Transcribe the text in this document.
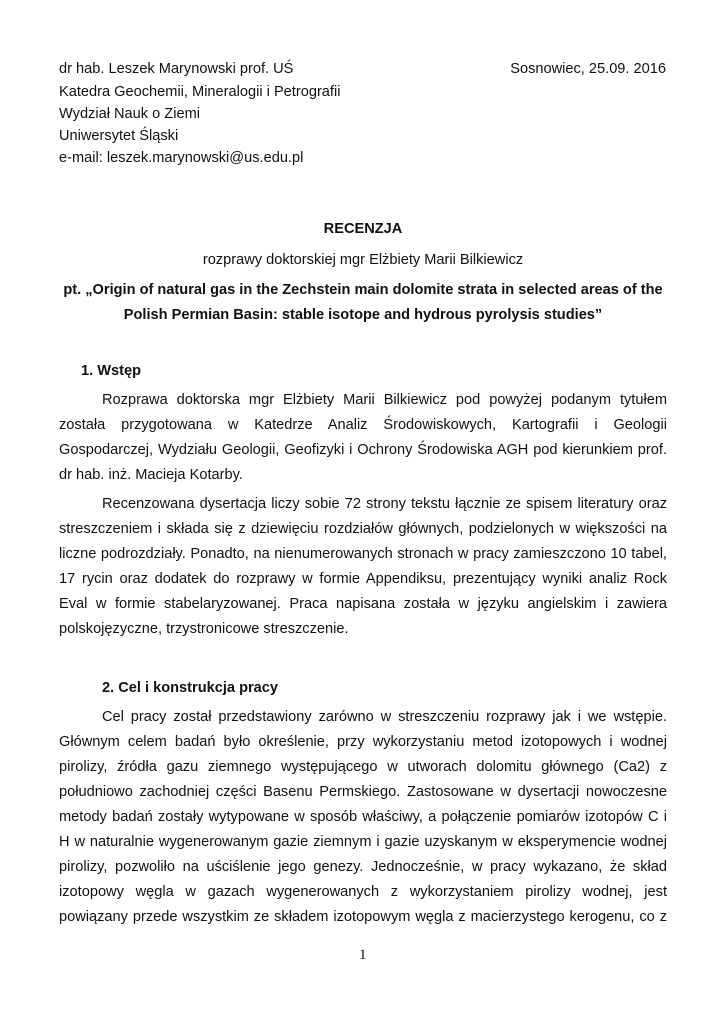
dr hab. Leszek Marynowski prof. UŚ
Katedra Geochemii, Mineralogii i Petrografii
Wydział Nauk o Ziemi
Uniwersytet Śląski
e-mail: leszek.marynowski@us.edu.pl
Sosnowiec, 25.09. 2016
RECENZJA
rozprawy doktorskiej mgr Elżbiety Marii Bilkiewicz
pt. „Origin of natural gas in the Zechstein main dolomite strata in selected areas of the
Polish Permian Basin: stable isotope and hydrous pyrolysis studies”
1. Wstęp
Rozprawa doktorska mgr Elżbiety Marii Bilkiewicz pod powyżej podanym tytułem
została przygotowana w Katedrze Analiz Środowiskowych, Kartografii i Geologii
Gospodarczej, Wydziału Geologii, Geofizyki i Ochrony Środowiska AGH pod kierunkiem prof.
dr hab. inż. Macieja Kotarby.
Recenzowana dysertacja liczy sobie 72 strony tekstu łącznie ze spisem literatury oraz
streszczeniem i składa się z dziewięciu rozdziałów głównych, podzielonych w większości na
liczne podrozdziały. Ponadto, na nienumerowanych stronach w pracy zamieszczono 10 tabel,
17 rycin oraz dodatek do rozprawy w formie Appendiksu, prezentujący wyniki analiz Rock
Eval w formie stabelaryzowanej. Praca napisana została w języku angielskim i zawiera
polskojęzyczne, trzystronicowe streszczenie.
2. Cel i konstrukcja pracy
Cel pracy został przedstawiony zarówno w streszczeniu rozprawy jak i we wstępie.
Głównym celem badań było określenie, przy wykorzystaniu metod izotopowych i wodnej
pirolizy, źródła gazu ziemnego występującego w utworach dolomitu głównego (Ca2) z
południowo zachodniej części Basenu Permskiego. Zastosowane w dysertacji nowoczesne
metody badań zostały wytypowane w sposób właściwy, a połączenie pomiarów izotopów C i
H w naturalnie wygenerowanym gazie ziemnym i gazie uzyskanym w eksperymencie wodnej
pirolizy, pozwoliło na uściślenie jego genezy. Jednocześnie, w pracy wykazano, że skład
izotopowy węgla w gazach wygenerowanych z wykorzystaniem pirolizy wodnej, jest
powiązany przede wszystkim ze składem izotopowym węgla z macierzystego kerogenu, co z
1
